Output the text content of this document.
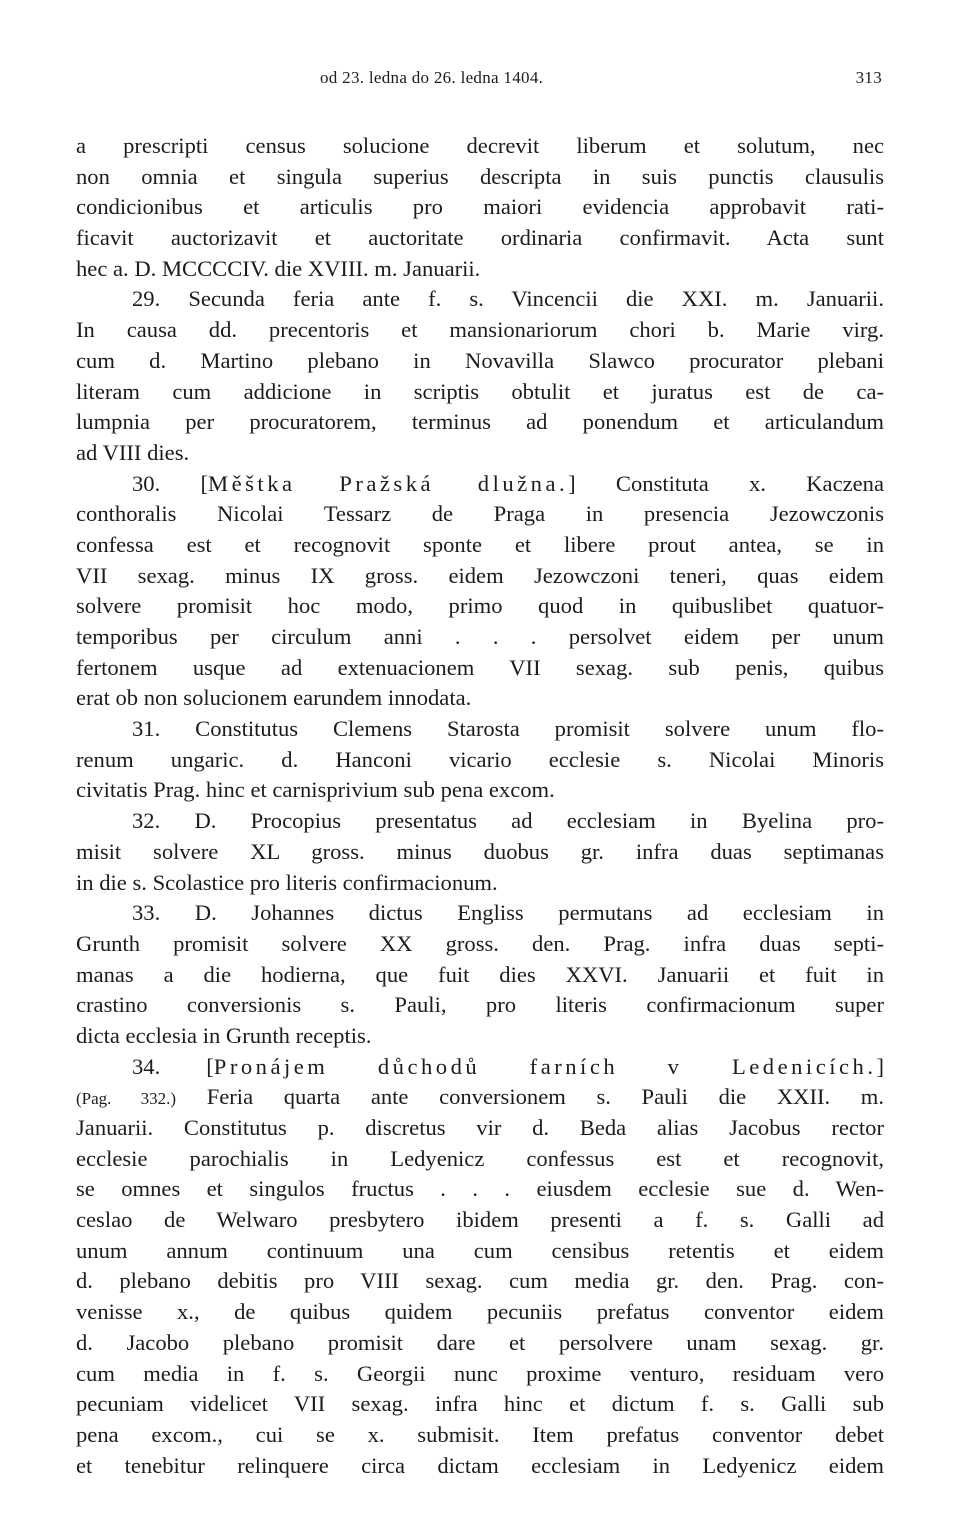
od 23. ledna do 26. ledna 1404.	313
a prescripti census solucione decrevit liberum et solutum, nec
non omnia et singula superius descripta in suis punctis clausulis
condicionibus et articulis pro maiori evidencia approbavit rati-
ficavit auctorizavit et auctoritate ordinaria confirmavit. Acta sunt
hec a. D. MCCCCIV. die XVIII. m. Januarii.
29. Secunda feria ante f. s. Vincencii die XXI. m. Januarii.
In causa dd. precentoris et mansionariorum chori b. Marie virg.
cum d. Martino plebano in Novavilla Slawco procurator plebani
literam cum addicione in scriptis obtulit et juratus est de ca-
lumpnia per procuratorem, terminus ad ponendum et articulandum
ad VIII dies.
30. [Měštka Pražská dlužna.] Constituta x. Kaczena
conthoralis Nicolai Tessarz de Praga in presencia Jezowczonis
confessa est et recognovit sponte et libere prout antea, se in
VII sexag. minus IX gross. eidem Jezowczoni teneri, quas eidem
solvere promisit hoc modo, primo quod in quibuslibet quatuor-
temporibus per circulum anni . . . persolvet eidem per unum
fertonem usque ad extenuacionem VII sexag. sub penis, quibus
erat ob non solucionem earundem innodata.
31. Constitutus Clemens Starosta promisit solvere unum flo-
renum ungaric. d. Hanconi vicario ecclesie s. Nicolai Minoris
civitatis Prag. hinc et carnisprivium sub pena excom.
32. D. Procopius presentatus ad ecclesiam in Byelina pro-
misit solvere XL gross. minus duobus gr. infra duas septimanas
in die s. Scolastice pro literis confirmacionum.
33. D. Johannes dictus Engliss permutans ad ecclesiam in
Grunth promisit solvere XX gross. den. Prag. infra duas septi-
manas a die hodierna, que fuit dies XXVI. Januarii et fuit in
crastino conversionis s. Pauli, pro literis confirmacionum super
dicta ecclesia in Grunth receptis.
34. [Pronájem důchodů farních v Ledenicích.]
(Pag. 332.) Feria quarta ante conversionem s. Pauli die XXII. m.
Januarii. Constitutus p. discretus vir d. Beda alias Jacobus rector
ecclesie parochialis in Ledyenicz confessus est et recognovit,
se omnes et singulos fructus . . . eiusdem ecclesie sue d. Wen-
ceslao de Welwaro presbytero ibidem presenti a f. s. Galli ad
unum annum continuum una cum censibus retentis et eidem
d. plebano debitis pro VIII sexag. cum media gr. den. Prag. con-
venisse x., de quibus quidem pecuniis prefatus conventor eidem
d. Jacobo plebano promisit dare et persolvere unam sexag. gr.
cum media in f. s. Georgii nunc proxime venturo, residuam vero
pecuniam videlicet VII sexag. infra hinc et dictum f. s. Galli sub
pena excom., cui se x. submisit. Item prefatus conventor debet
et tenebitur relinquere circa dictam ecclesiam in Ledyenicz eidem
